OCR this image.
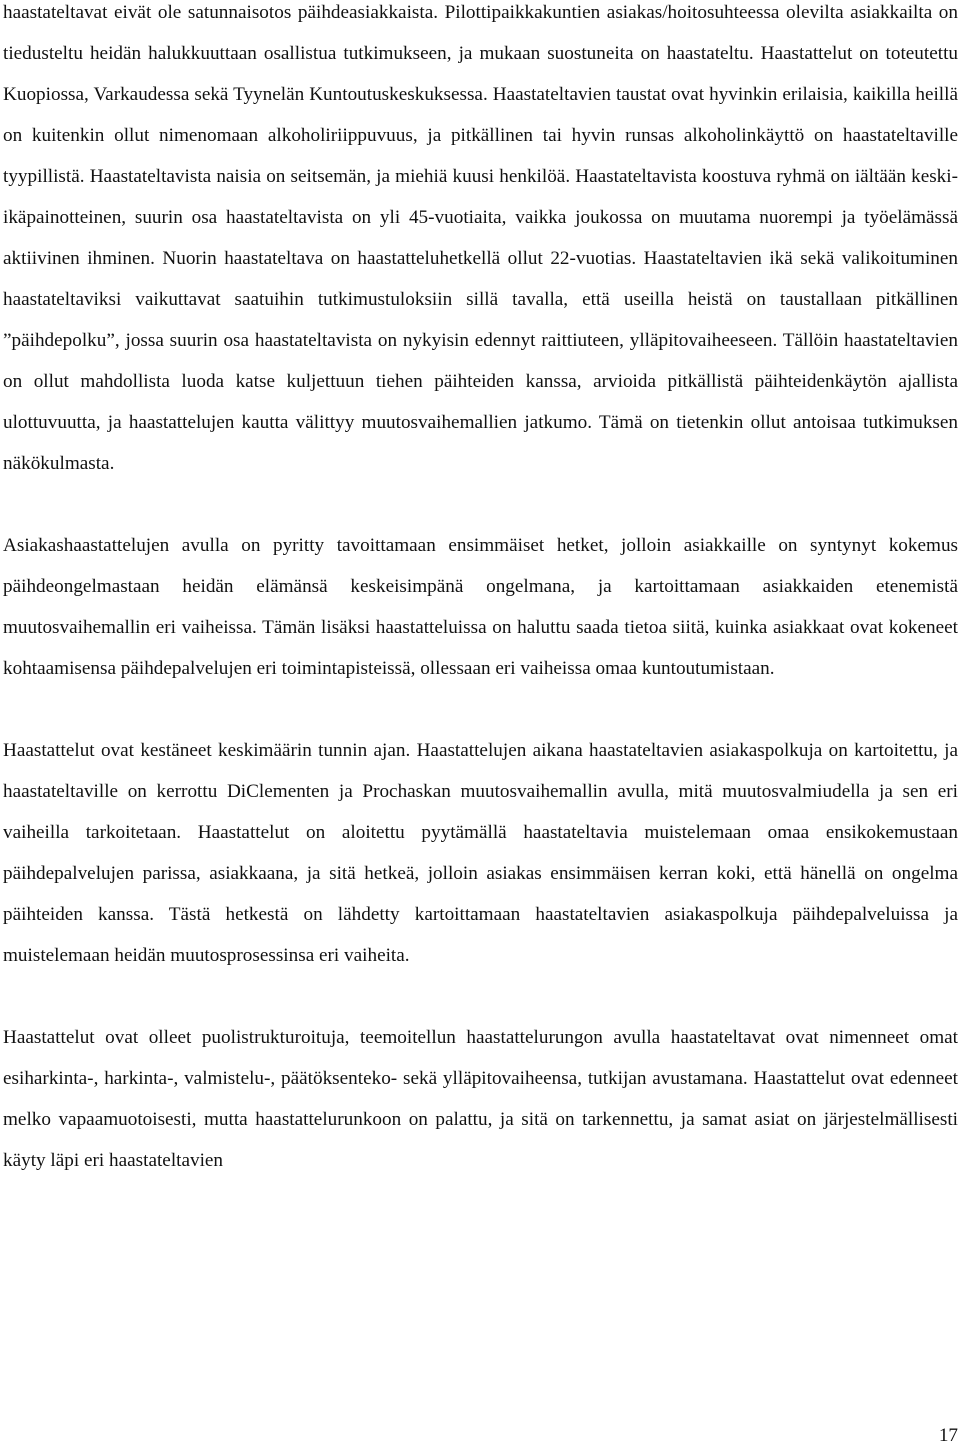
haastateltavat eivät ole satunnaisotos päihdeasiakkaista. Pilottipaikkakuntien asiakas/hoitosuhteessa olevilta asiakkailta on tiedusteltu heidän halukkuuttaan osallistua tutkimukseen, ja mukaan suostuneita on haastateltu. Haastattelut on toteutettu Kuopiossa, Varkaudessa sekä Tyynelän Kuntoutuskeskuksessa. Haastateltavien taustat ovat hyvinkin erilaisia, kaikilla heillä on kuitenkin ollut nimenomaan alkoholiriippuvuus, ja pitkällinen tai hyvin runsas alkoholinkäyttö on haastateltaville tyypillistä. Haastateltavista naisia on seitsemän, ja miehiä kuusi henkilöä. Haastateltavista koostuva ryhmä on iältään keski-ikäpainotteinen, suurin osa haastateltavista on yli 45-vuotiaita, vaikka joukossa on muutama nuorempi ja työelämässä aktiivinen ihminen. Nuorin haastateltava on haastatteluhetkellä ollut 22-vuotias. Haastateltavien ikä sekä valikoituminen haastateltaviksi vaikuttavat saatuihin tutkimustuloksiin sillä tavalla, että useilla heistä on taustallaan pitkällinen ”päihdepolku”, jossa suurin osa haastateltavista on nykyisin edennyt raittiuteen, ylläpitovaiheeseen. Tällöin haastateltavien on ollut mahdollista luoda katse kuljettuun tiehen päihteiden kanssa, arvioida pitkällistä päihteidenkäytön ajallista ulottuvuutta, ja haastattelujen kautta välittyy muutosvaihemallien jatkumo. Tämä on tietenkin ollut antoisaa tutkimuksen näkökulmasta.

Asiakashaastattelujen avulla on pyritty tavoittamaan ensimmäiset hetket, jolloin asiakkaille on syntynyt kokemus päihdeongelmastaan heidän elämänsä keskeisimpänä ongelmana, ja kartoittamaan asiakkaiden etenemistä muutosvaihemallin eri vaiheissa. Tämän lisäksi haastatteluissa on haluttu saada tietoa siitä, kuinka asiakkaat ovat kokeneet kohtaamisensa päihdepalvelujen eri toimintapisteissä, ollessaan eri vaiheissa omaa kuntoutumistaan.

Haastattelut ovat kestäneet keskimäärin tunnin ajan. Haastattelujen aikana haastateltavien asiakaspolkuja on kartoitettu, ja haastateltaville on kerrottu DiClementen ja Prochaskan muutosvaihemallin avulla, mitä muutosvalmiudella ja sen eri vaiheilla tarkoitetaan. Haastattelut on aloitettu pyytämällä haastateltavia muistelemaan omaa ensikokemustaan päihdepalvelujen parissa, asiakkaana, ja sitä hetkeä, jolloin asiakas ensimmäisen kerran koki, että hänellä on ongelma päihteiden kanssa. Tästä hetkestä on lähdetty kartoittamaan haastateltavien asiakaspolkuja päihdepalveluissa ja muistelemaan heidän muutosprosessinsa eri vaiheita.

Haastattelut ovat olleet puolistrukturoituja, teemoitellun haastattelurungon avulla haastateltavat ovat nimenneet omat esiharkinta-, harkinta-, valmistelu-, päätöksenteko- sekä ylläpitovaiheensa, tutkijan avustamana. Haastattelut ovat edenneet melko vapaamuotoisesti, mutta haastattelurunkoon on palattu, ja sitä on tarkennettu, ja samat asiat on järjestelmällisesti käyty läpi eri haastateltavien

17
